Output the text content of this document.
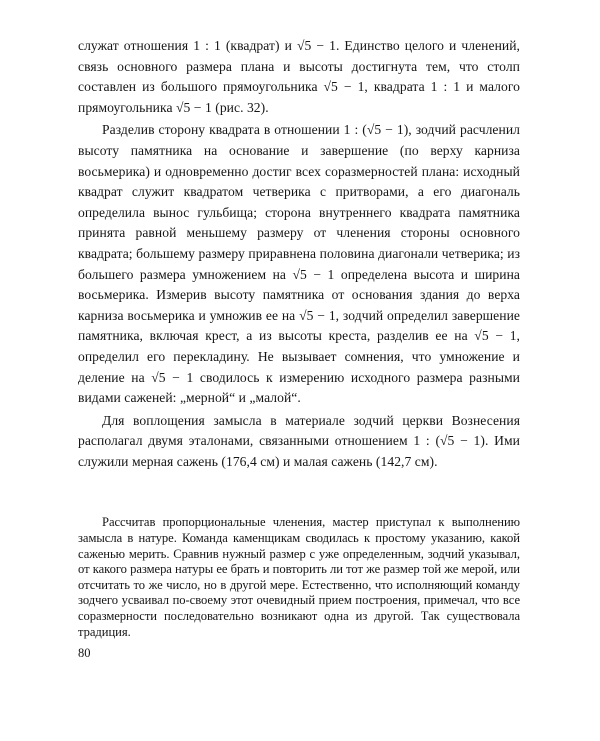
служат отношения 1 : 1 (квадрат) и √5 − 1. Единство целого и членений, связь основного размера плана и высоты достигнута тем, что столп составлен из большого прямоугольника √5 − 1, квадрата 1 : 1 и малого прямоугольника √5 − 1 (рис. 32).

Разделив сторону квадрата в отношении 1 : (√5 − 1), зодчий расчленил высоту памятника на основание и завершение (по верху карниза восьмерика) и одновременно достиг всех соразмерностей плана: исходный квадрат служит квадратом четверика с притворами, а его диагональ определила вынос гульбища; сторона внутреннего квадрата памятника принята равной меньшему размеру от членения стороны основного квадрата; большему размеру приравнена половина диагонали четверика; из большего размера умножением на √5 − 1 определена высота и ширина восьмерика. Измерив высоту памятника от основания здания до верха карниза восьмерика и умножив ее на √5 − 1, зодчий определил завершение памятника, включая крест, а из высоты креста, разделив ее на √5 − 1, определил его перекладину. Не вызывает сомнения, что умножение и деление на √5 − 1 сводилось к измерению исходного размера разными видами саженей: „мерной“ и „малой“.

Для воплощения замысла в материале зодчий церкви Вознесения располагал двумя эталонами, связанными отношением 1 : (√5 − 1). Ими служили мерная сажень (176,4 см) и малая сажень (142,7 см).

Рассчитав пропорциональные членения, мастер приступал к выполнению замысла в натуре. Команда каменщикам сводилась к простому указанию, какой саженью мерить. Сравнив нужный размер с уже определенным, зодчий указывал, от какого размера натуры ее брать и повторить ли тот же размер той же мерой, или отсчитать то же число, но в другой мере. Естественно, что исполняющий команду зодчего усваивал по-своему этот очевидный прием построения, примечал, что все соразмерности последовательно возникают одна из другой. Так существовала традиция.

80
